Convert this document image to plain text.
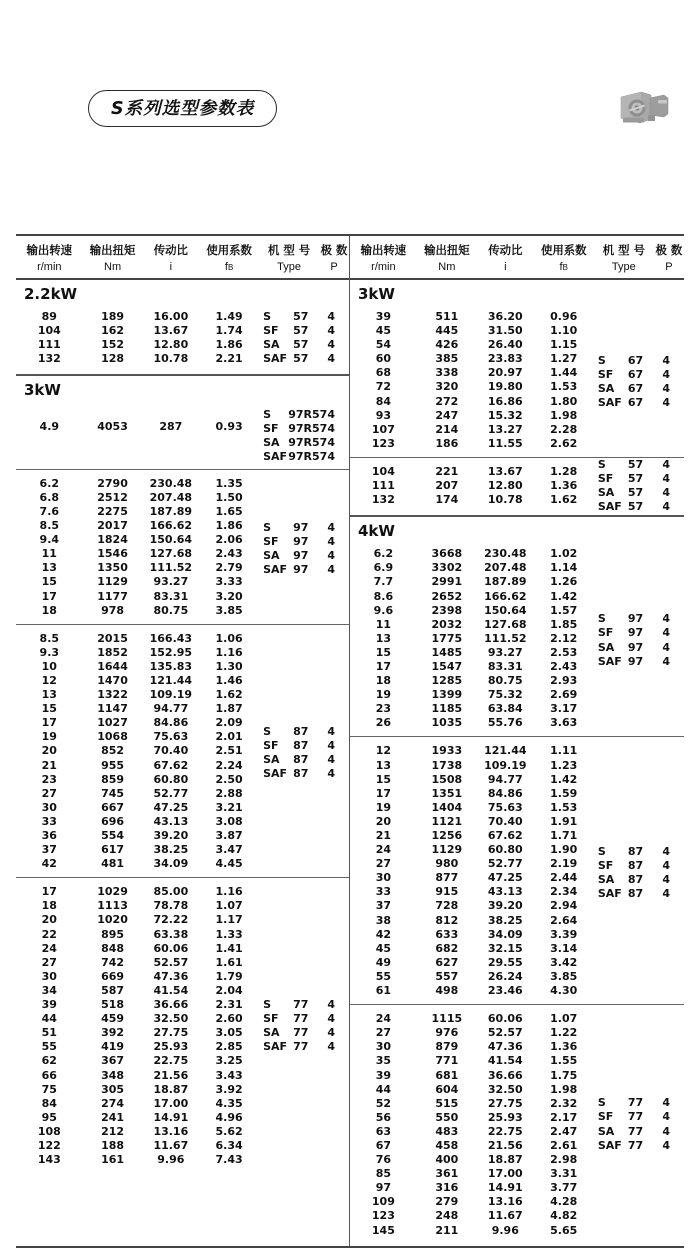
S系列选型参数表
输出转速	输出扭矩	传动比	使用系数	机 型 号 极 数
r/min	Nm	i	fB	Type	P
2.2kW
89	189	16.00	1.49
104	162	13.67	1.74
111	152	12.80	1.86
132	128	10.78	2.21
S	57 4
SF	57 4
SA	57 4
SAF 57 4
3kW
4.9	4053	287	0.93
S	97R57 4
SF 97R57 4
SA 97R57 4
SAF 97R57 4
6.2	2790	230.48	1.35
6.8	2512	207.48	1.50
7.6	2275	187.89	1.65
8.5	2017	166.62	1.86
9.4	1824	150.64	2.06
11	1546	127.68	2.43
13	1350	111.52	2.79
15	1129	93.27	3.33
17	1177	83.31	3.20
18	978	80.75	3.85
S	97 4
SF	97 4
SA	97 4
SAF 97 4
8.5	2015	166.43	1.06
9.3	1852	152.95	1.16
10	1644	135.83	1.30
12	1470	121.44	1.46
13	1322	109.19	1.62
15	1147	94.77	1.87
17	1027	84.86	2.09
19	1068	75.63	2.01
20	852	70.40	2.51
21	955	67.62	2.24
23	859	60.80	2.50
27	745	52.77	2.88
30	667	47.25	3.21
33	696	43.13	3.08
36	554	39.20	3.87
37	617	38.25	3.47
42	481	34.09	4.45
S	87 4
SF	87 4
SA	87 4
SAF 87 4
17	1029	85.00	1.16
18	1113	78.78	1.07
20	1020	72.22	1.17
22	895	63.38	1.33
24	848	60.06	1.41
27	742	52.57	1.61
30	669	47.36	1.79
34	587	41.54	2.04
39	518	36.66	2.31
44	459	32.50	2.60
51	392	27.75	3.05
55	419	25.93	2.85
62	367	22.75	3.25
66	348	21.56	3.43
75	305	18.87	3.92
84	274	17.00	4.35
95	241	14.91	4.96
108	212	13.16	5.62
122	188	11.67	6.34
143	161	9.96	7.43
S	77 4
SF	77 4
SA	77 4
SAF 77 4
输出转速	输出扭矩	传动比	使用系数	机 型 号 极 数
r/min	Nm	i	fB	Type	P
3kW
39	511	36.20	0.96
45	445	31.50	1.10
54	426	26.40	1.15
60	385	23.83	1.27
68	338	20.97	1.44
72	320	19.80	1.53
84	272	16.86	1.80
93	247	15.32	1.98
107	214	13.27	2.28
123	186	11.55	2.62
S	67 4
SF	67 4
SA	67 4
SAF 67 4
104	221	13.67	1.28
111	207	12.80	1.36
132	174	10.78	1.62
S	57 4
SF	57 4
SA	57 4
SAF 57 4
4kW
6.2	3668	230.48	1.02
6.9	3302	207.48	1.14
7.7	2991	187.89	1.26
8.6	2652	166.62	1.42
9.6	2398	150.64	1.57
11	2032	127.68	1.85
13	1775	111.52	2.12
15	1485	93.27	2.53
17	1547	83.31	2.43
18	1285	80.75	2.93
19	1399	75.32	2.69
23	1185	63.84	3.17
26	1035	55.76	3.63
S	97 4
SF	97 4
SA	97 4
SAF 97 4
12	1933	121.44	1.11
13	1738	109.19	1.23
15	1508	94.77	1.42
17	1351	84.86	1.59
19	1404	75.63	1.53
20	1121	70.40	1.91
21	1256	67.62	1.71
24	1129	60.80	1.90
27	980	52.77	2.19
30	877	47.25	2.44
33	915	43.13	2.34
37	728	39.20	2.94
38	812	38.25	2.64
42	633	34.09	3.39
45	682	32.15	3.14
49	627	29.55	3.42
55	557	26.24	3.85
61	498	23.46	4.30
S	87 4
SF	87 4
SA	87 4
SAF 87 4
24	1115	60.06	1.07
27	976	52.57	1.22
30	879	47.36	1.36
35	771	41.54	1.55
39	681	36.66	1.75
44	604	32.50	1.98
52	515	27.75	2.32
56	550	25.93	2.17
63	483	22.75	2.47
67	458	21.56	2.61
76	400	18.87	2.98
85	361	17.00	3.31
97	316	14.91	3.77
109	279	13.16	4.28
123	248	11.67	4.82
145	211	9.96	5.65
S	77 4
SF	77 4
SA	77 4
SAF 77 4
